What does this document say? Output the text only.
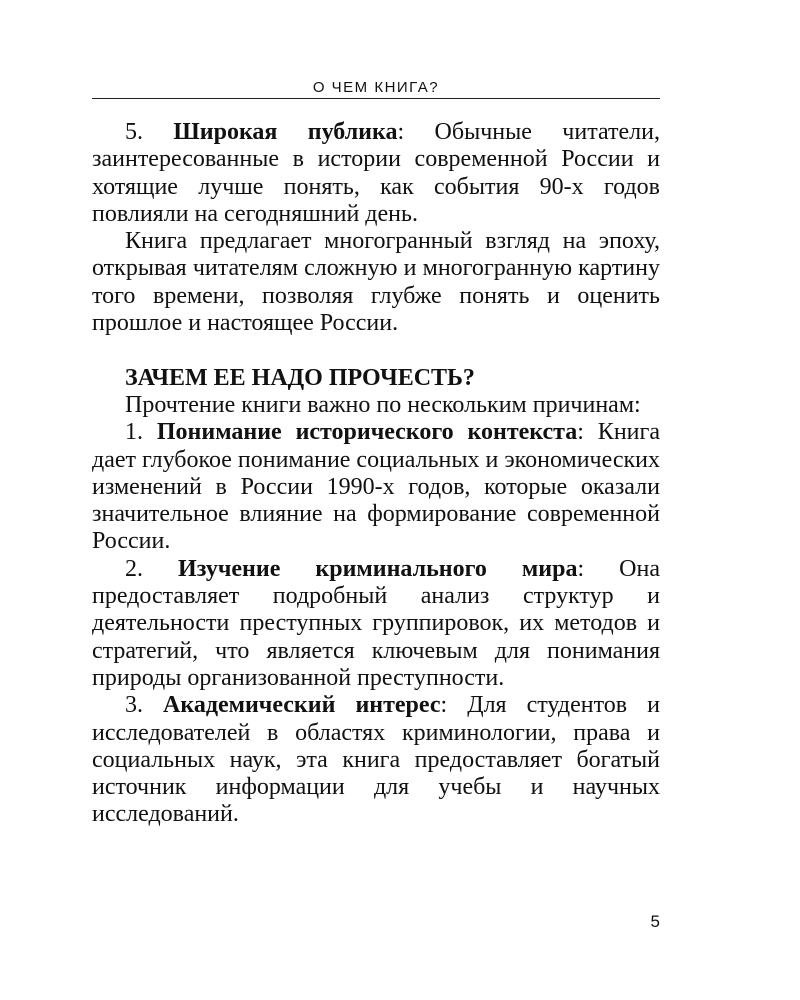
О ЧЕМ КНИГА?

5. Широкая публика: Обычные читатели, заинтересованные в истории современной России и хотящие лучше понять, как события 90-х годов повлияли на сегодняшний день.

Книга предлагает многогранный взгляд на эпоху, открывая читателям сложную и многогранную картину того времени, позволяя глубже понять и оценить прошлое и настоящее России.

ЗАЧЕМ ЕЕ НАДО ПРОЧЕСТЬ?

Прочтение книги важно по нескольким причинам:

1. Понимание исторического контекста: Книга дает глубокое понимание социальных и экономических изменений в России 1990-х годов, которые оказали значительное влияние на формирование современной России.

2. Изучение криминального мира: Она предоставляет подробный анализ структур и деятельности преступных группировок, их методов и стратегий, что является ключевым для понимания природы организованной преступности.

3. Академический интерес: Для студентов и исследователей в областях криминологии, права и социальных наук, эта книга предоставляет богатый источник информации для учебы и научных исследований.

5
